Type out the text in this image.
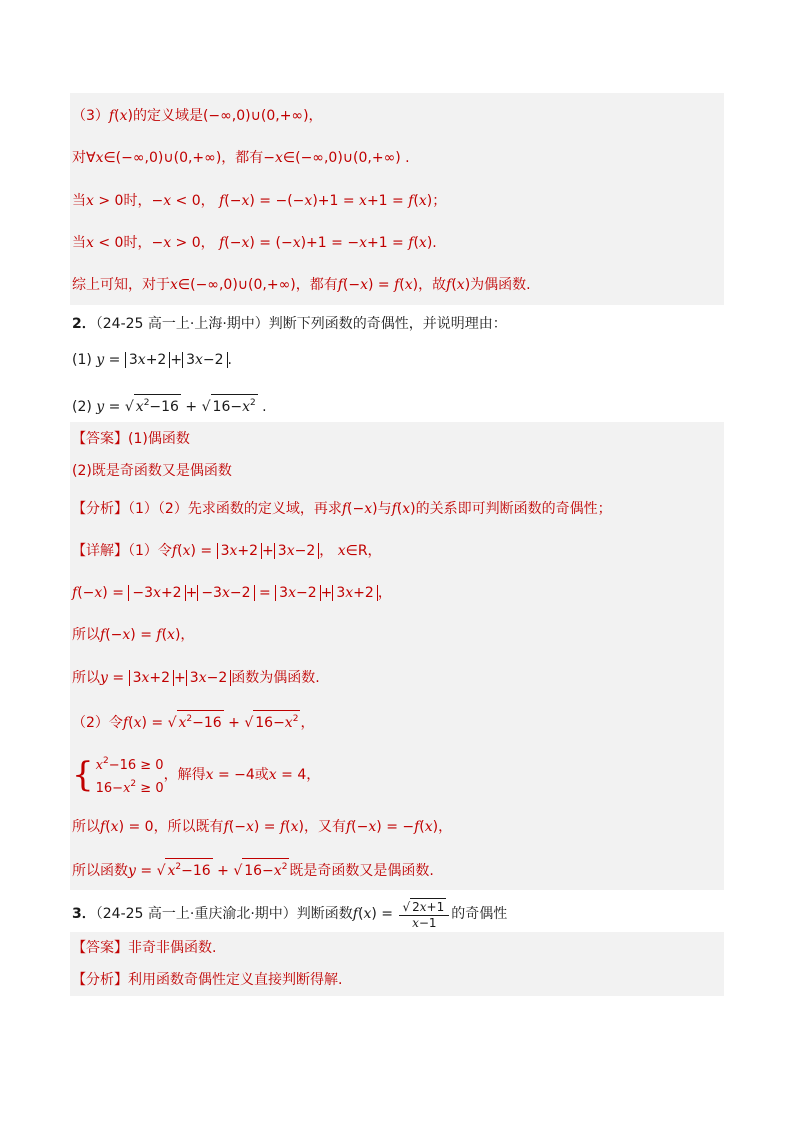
（3）f(x)的定义域是(−∞,0)∪(0,+∞)，
对∀x∈(−∞,0)∪(0,+∞)，都有−x∈(−∞,0)∪(0,+∞) .
当x > 0时，−x < 0， f(−x) = −(−x)+1 = x+1 = f(x)；
当x < 0时，−x > 0， f(−x) = (−x)+1 = −x+1 = f(x).
综上可知，对于x∈(−∞,0)∪(0,+∞)，都有f(−x) = f(x)，故f(x)为偶函数.
2．（24-25 高一上·上海·期中）判断下列函数的奇偶性，并说明理由：
(1) y = 3x+2 + 3x−2 .
(2) y = √ $x^2-16$ + √ $16-x^2$ .
【答案】(1)偶函数
(2)既是奇函数又是偶函数
【分析】（1）（2）先求函数的定义域，再求f(−x)与f(x)的关系即可判断函数的奇偶性；
【详解】（1）令f(x) = 3x+2 + 3x−2 ， x∈R，
f(−x) = −3x+2 + −3x−2 = 3x−2 + 3x+2 ，
所以f(−x) = f(x)，
所以y = 3x+2 + 3x−2 函数为偶函数.
（2）令f(x) = √ $x^2-16$ + √ $16-x^2$ ，
{ $x^2-16 \ge 0$
$16-x^2 \ge 0$
，解得x = −4或x = 4，
所以f(x) = 0，所以既有f(−x) = f(x)，又有f(−x) = −f(x)，
所以函数y = √ $x^2-16$ + √ $16-x^2$ 既是奇函数又是偶函数.
3．（24-25 高一上·重庆渝北·期中）判断函数$f(x) = \frac{√ 2x+1}{x-1}$ 的奇偶性
【答案】非奇非偶函数.
【分析】利用函数奇偶性定义直接判断得解.
